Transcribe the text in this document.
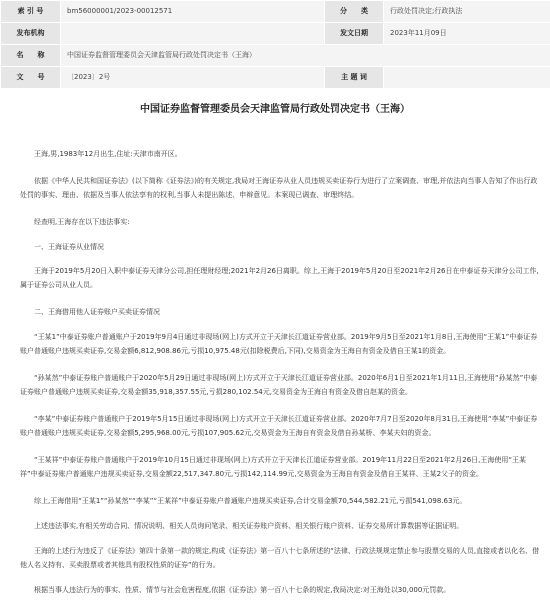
索 引 号	bm56000001/2023-00012571	分　　类	行政处罚决定;行政执法
发布机构		发文日期	2023年11月09日
名　　称	中国证券监督管理委员会天津监管局行政处罚决定书（王海）		
文　　号	〔2023〕2号	主 题 词	
中国证券监督管理委员会天津监管局行政处罚决定书（王海）

王海,男,1983年12月出生,住址:天津市南开区。

依据《中华人民共和国证券法》(以下简称《证券法》)的有关规定,我局对王海证券从业人员违规买卖证券行为进行了立案调查、审理,并依法向当事人告知了作出行政处罚的事实、理由、依据及当事人依法享有的权利,当事人未提出陈述、申辩意见。本案现已调查、审理终结。

经查明,王海存在以下违法事实:

一、王海证券从业情况

王海于2019年5月20日入职中泰证券天津分公司,担任理财经理;2021年2月26日离职。综上,王海于2019年5月20日至2021年2月26日在中泰证券天津分公司工作,属于证券公司从业人员。

二、王海借用他人证券账户买卖证券情况

“王某1”中泰证券账户普通账户于2019年9月4日通过非现场(网上)方式开立于天津长江道证券营业部。2019年9月5日至2021年1月8日,王海使用“王某1”中泰证券账户普通账户违规买卖证券,交易金额6,812,908.86元,亏损10,975.48元(扣除税费后,下同),交易资金为王海自有资金及借自王某1的资金。

“孙某然”中泰证券账户普通账户于2020年5月29日通过非现场(网上)方式开立于天津长江道证券营业部。2020年6月1日至2021年1月11日,王海使用“孙某然”中泰证券账户普通账户违规买卖证券,交易金额35,918,357.55元,亏损280,102.54元,交易资金为王海自有资金及借自赵某的资金。

“李某”中泰证券账户普通账户于2019年5月15日通过非现场(网上)方式开立于天津长江道证券营业部。2020年7月7日至2020年8月31日,王海使用“李某”中泰证券账户普通账户违规买卖证券,交易金额5,295,968.00元,亏损107,905.62元,交易资金为王海自有资金及借自孙某桥、李某夫妇的资金。

“王某祥”中泰证券账户普通账户于2019年10月15日通过非现场(网上)方式开立于天津长江道证券营业部。2019年11月22日至2021年2月26日,王海使用“王某祥”中泰证券账户普通账户违规买卖证券,交易金额22,517,347.80元,亏损142,114.99元,交易资金为王海自有资金及借自王某祥、王某2父子的资金。

综上,王海借用“王某1”“孙某然”“李某”“王某祥”中泰证券账户普通账户违规买卖证券,合计交易金额70,544,582.21元,亏损541,098.63元。

上述违法事实,有相关劳动合同、情况说明、相关人员询问笔录、相关证券账户资料、相关银行账户资料、证券交易所计算数据等证据证明。

王海的上述行为违反了《证券法》第四十条第一款的规定,构成《证券法》第一百八十七条所述的“法律、行政法规规定禁止参与股票交易的人员,直接或者以化名、借他人名义持有、买卖股票或者其他具有股权性质的证券”的行为。

根据当事人违法行为的事实、性质、情节与社会危害程度,依据《证券法》第一百八十七条的规定,我局决定:对王海处以30,000元罚款。
